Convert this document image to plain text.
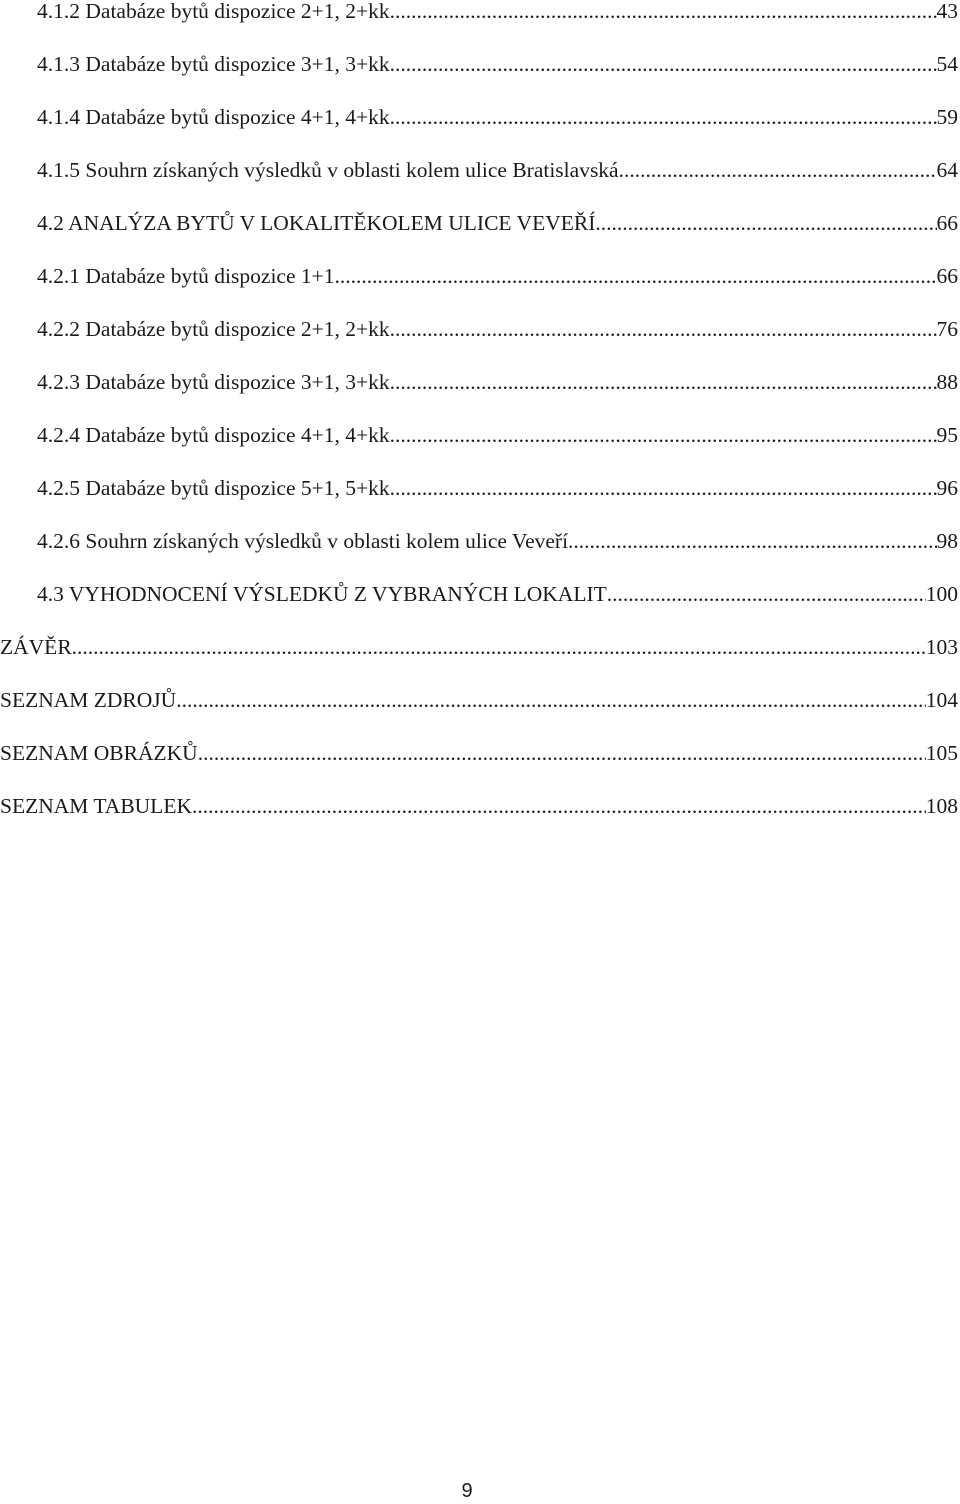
4.1.2 Databáze bytů dispozice 2+1, 2+kk .....	43
4.1.3 Databáze bytů dispozice 3+1, 3+kk .....	54
4.1.4 Databáze bytů dispozice 4+1, 4+kk .....	59
4.1.5 Souhrn získaných výsledků v oblasti kolem ulice Bratislavská .....	64
4.2 ANALÝZA BYTŮ V LOKALITĚKOLEM ULICE VEVEŘÍ .....	66
4.2.1 Databáze bytů dispozice 1+1 .....	66
4.2.2 Databáze bytů dispozice 2+1, 2+kk .....	76
4.2.3 Databáze bytů dispozice 3+1, 3+kk .....	88
4.2.4 Databáze bytů dispozice 4+1, 4+kk .....	95
4.2.5 Databáze bytů dispozice 5+1, 5+kk .....	96
4.2.6 Souhrn získaných výsledků v oblasti kolem ulice Veveří .....	98
4.3 VYHODNOCENÍ VÝSLEDKŮ Z VYBRANÝCH LOKALIT .....	100
ZÁVĚR .....	103
SEZNAM ZDROJŮ .....	104
SEZNAM OBRÁZKŮ .....	105
SEZNAM TABULEK .....	108
9
